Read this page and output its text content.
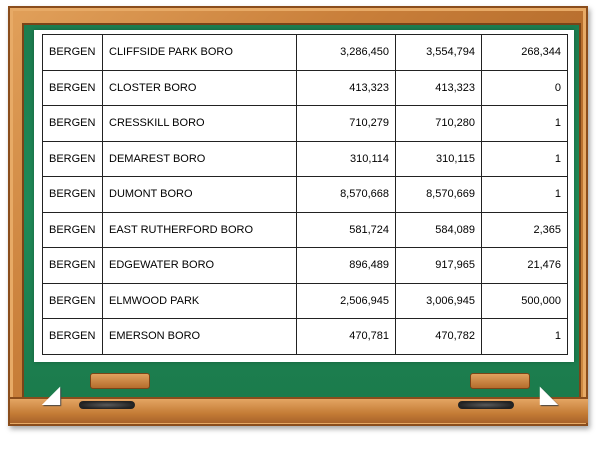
BERGEN	CLIFFSIDE PARK BORO	3,286,450	3,554,794	268,344
BERGEN	CLOSTER BORO	413,323	413,323	0
BERGEN	CRESSKILL BORO	710,279	710,280	1
BERGEN	DEMAREST BORO	310,114	310,115	1
BERGEN	DUMONT BORO	8,570,668	8,570,669	1
BERGEN	EAST RUTHERFORD BORO	581,724	584,089	2,365
BERGEN	EDGEWATER BORO	896,489	917,965	21,476
BERGEN	ELMWOOD PARK	2,506,945	3,006,945	500,000
BERGEN	EMERSON BORO	470,781	470,782	1
◢	◣
